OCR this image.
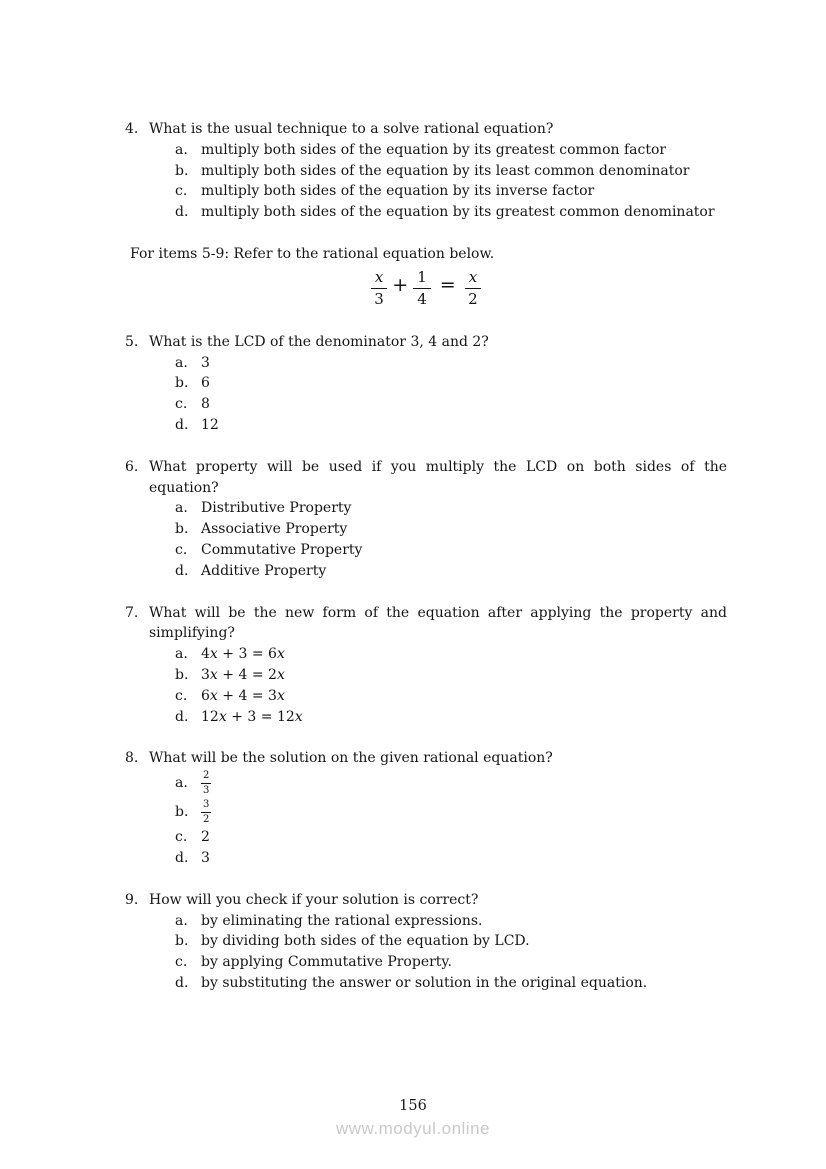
4. What is the usual technique to a solve rational equation?
a. multiply both sides of the equation by its greatest common factor
b. multiply both sides of the equation by its least common denominator
c. multiply both sides of the equation by its inverse factor
d. multiply both sides of the equation by its greatest common denominator
For items 5-9: Refer to the rational equation below.
$\frac{x}{3} + \frac{1}{4} = \frac{x}{2}$
5. What is the LCD of the denominator 3, 4 and 2?
a. 3
b. 6
c. 8
d. 12
6. What property will be used if you multiply the LCD on both sides of the equation?
a. Distributive Property
b. Associative Property
c. Commutative Property
d. Additive Property
7. What will be the new form of the equation after applying the property and simplifying?
a. 4x + 3 = 6x
b. 3x + 4 = 2x
c. 6x + 4 = 3x
d. 12x + 3 = 12x
8. What will be the solution on the given rational equation?
a.	$\frac{2}{3}$
b.	$\frac{3}{2}$
c. 2
d. 3
9. How will you check if your solution is correct?
a. by eliminating the rational expressions.
b. by dividing both sides of the equation by LCD.
c. by applying Commutative Property.
d. by substituting the answer or solution in the original equation.
156
www.modyul.online
